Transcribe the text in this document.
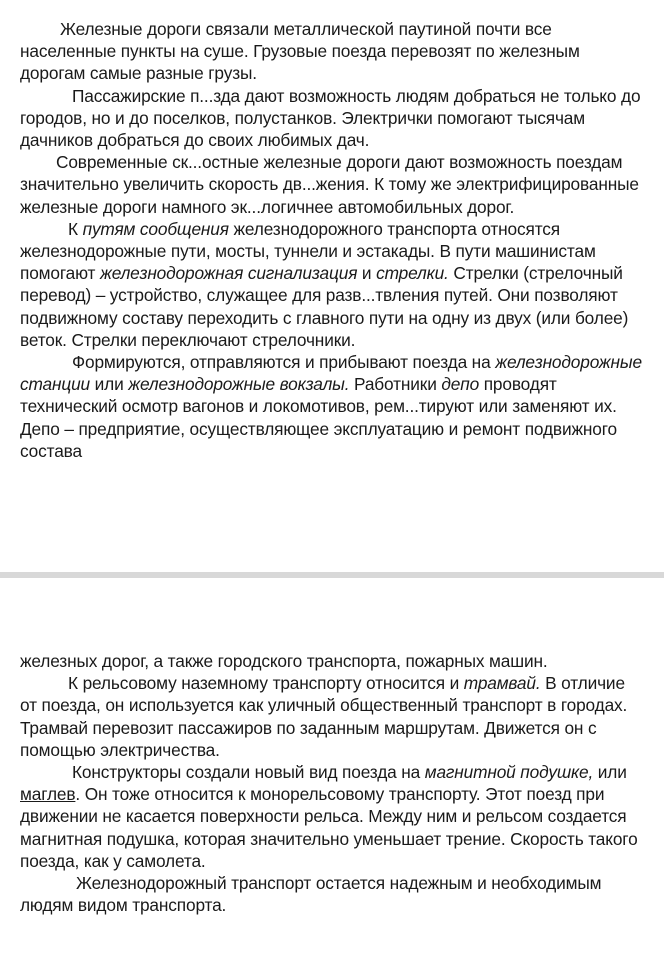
Железные дороги связали металлической паутиной почти все населенные пункты на суше. Грузовые поезда перевозят по железным дорогам самые разные грузы.

Пассажирские п...зда дают возможность людям добраться не только до городов, но и до поселков, полустанков. Электрички помогают тысячам дачников добраться до своих любимых дач.

Современные ск...остные железные дороги дают возможность поездам значительно увеличить скорость дв...жения. К тому же электрифицированные железные дороги намного эк...логичнее автомобильных дорог.

К путям сообщения железнодорожного транспорта относятся железнодорожные пути, мосты, туннели и эстакады. В пути машинистам помогают железнодорожная сигнализация и стрелки. Стрелки (стрелочный перевод) – устройство, служащее для разв...твления путей. Они позволяют подвижному составу переходить с главного пути на одну из двух (или более) веток. Стрелки переключают стрелочники.

Формируются, отправляются и прибывают поезда на железнодорожные станции или железнодорожные вокзалы. Работники депо проводят технический осмотр вагонов и локомотивов, рем...тируют или заменяют их. Депо – предприятие, осуществляющее эксплуатацию и ремонт подвижного состава

железных дорог, а также городского транспорта, пожарных машин.

К рельсовому наземному транспорту относится и трамвай. В отличие от поезда, он используется как уличный общественный транспорт в городах. Трамвай перевозит пассажиров по заданным маршрутам. Движется он с помощью электричества.

Конструкторы создали новый вид поезда на магнитной подушке, или маглев. Он тоже относится к монорельсовому транспорту. Этот поезд при движении не касается поверхности рельса. Между ним и рельсом создается магнитная подушка, которая значительно уменьшает трение. Скорость такого поезда, как у самолета.

Железнодорожный транспорт остается надежным и необходимым людям видом транспорта.
